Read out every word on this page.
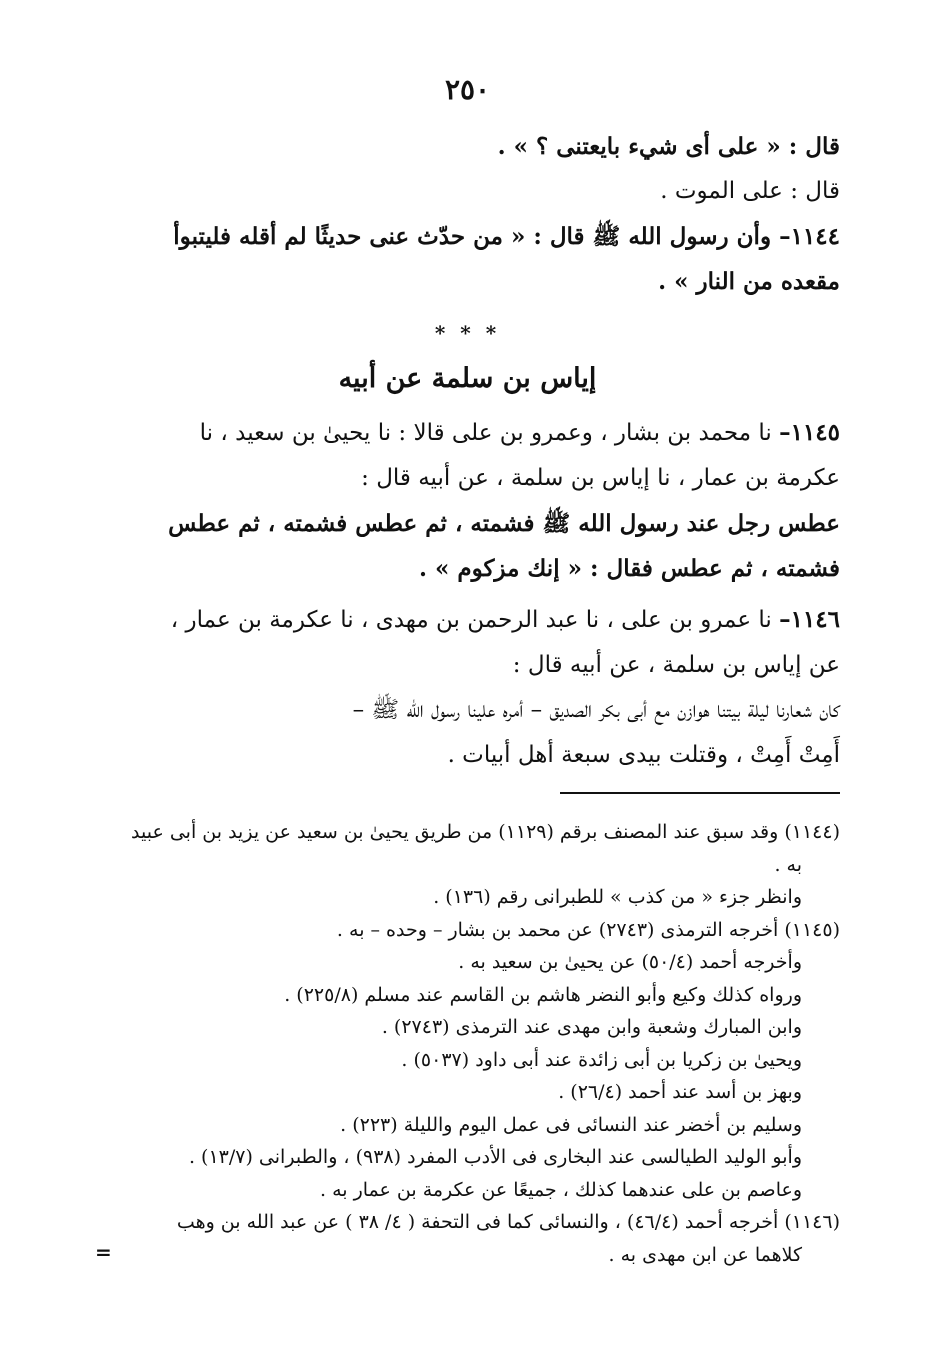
٢٥٠

قال : « على أى شيء بايعتنى ؟ » .

قال : على الموت .

١١٤٤– وأن رسول الله ﷺ قال : « من حدّث عنى حديثًا لم أقله فليتبوأ

مقعده من النار » .

* * *
إياس بن سلمة عن أبيه

١١٤٥– نا محمد بن بشار ، وعمرو بن على قالا : نا يحيىٰ بن سعيد ، نا

عكرمة بن عمار ، نا إياس بن سلمة ، عن أبيه قال :

عطس رجل عند رسول الله ﷺ فشمته ، ثم عطس فشمته ، ثم عطس

فشمته ، ثم عطس فقال : « إنك مزكوم » .

١١٤٦– نا عمرو بن على ، نا عبد الرحمن بن مهدى ، نا عكرمة بن عمار ،

عن إياس بن سلمة ، عن أبيه قال :

كان شعارنا ليلة بيتنا هوازن مع أبى بكر الصديق – أمره علينا رسول الله ﷺ –

أَمِتْ أَمِتْ ، وقتلت بيدى سبعة أهل أبيات .

(١١٤٤) وقد سبق عند المصنف برقم (١١٢٩) من طريق يحيىٰ بن سعيد عن يزيد بن أبى عبيد

به .

وانظر جزء « من كذب » للطبرانى رقم (١٣٦) .

(١١٤٥) أخرجه الترمذى (٢٧٤٣) عن محمد بن بشار – وحده – به .

وأخرجه أحمد (٥٠/٤) عن يحيىٰ بن سعيد به .

ورواه كذلك وكيع وأبو النضر هاشم بن القاسم عند مسلم (٢٢٥/٨) .

وابن المبارك وشعبة وابن مهدى عند الترمذى (٢٧٤٣) .

ويحيىٰ بن زكريا بن أبى زائدة عند أبى داود (٥٠٣٧) .

وبهز بن أسد عند أحمد (٢٦/٤) .

وسليم بن أخضر عند النسائى فى عمل اليوم والليلة (٢٢٣) .

وأبو الوليد الطيالسى عند البخارى فى الأدب المفرد (٩٣٨) ، والطبرانى (١٣/٧) .

وعاصم بن على عندهما كذلك ، جميعًا عن عكرمة بن عمار به .

(١١٤٦) أخرجه أحمد (٤٦/٤) ، والنسائى كما فى التحفة ( ٤/ ٣٨ ) عن عبد الله بن وهب

كلاهما عن ابن مهدى به .

=
